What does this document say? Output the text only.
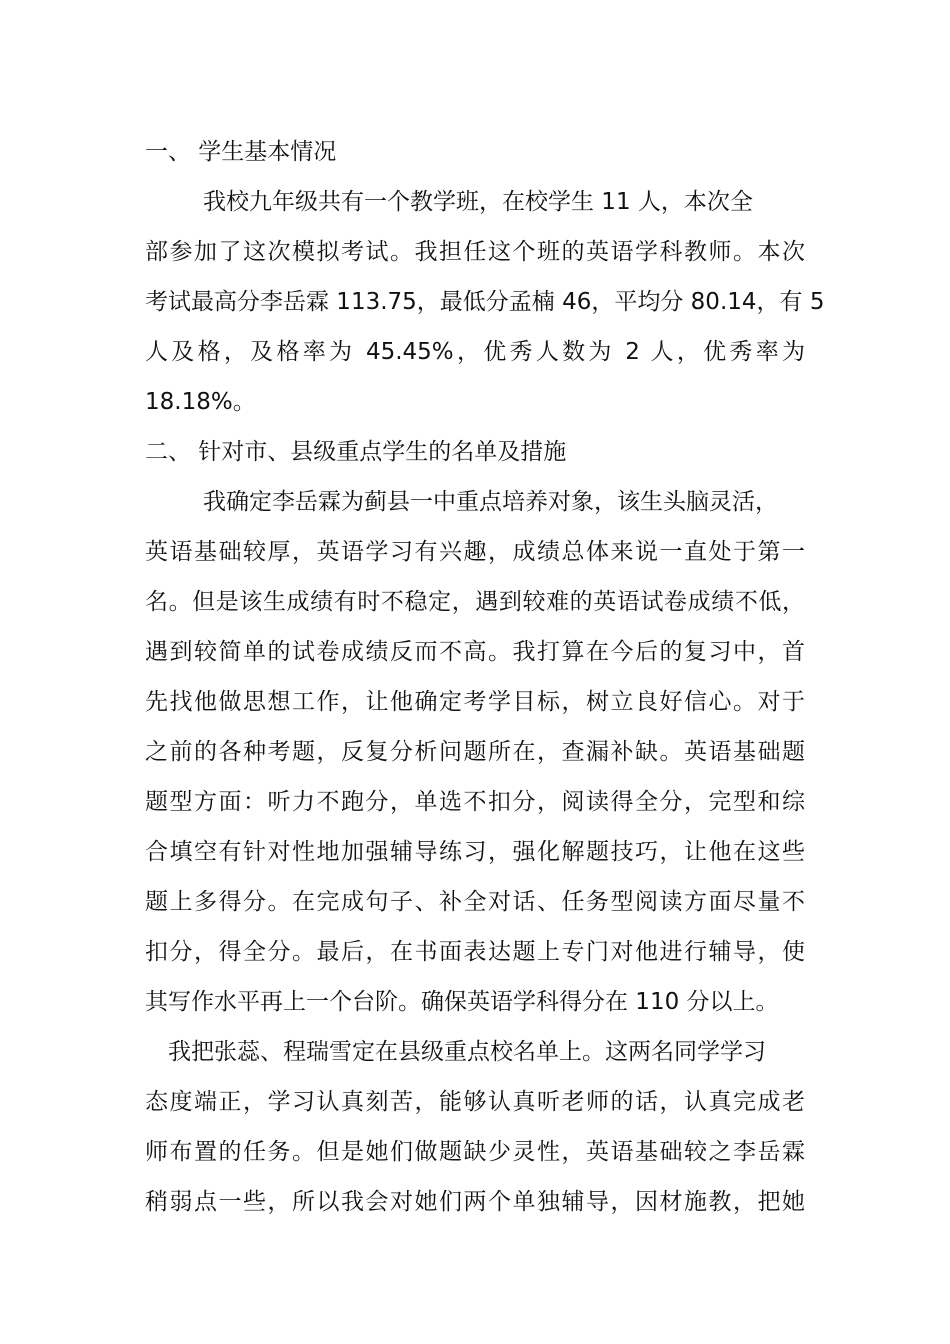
一、 学生基本情况

我校九年级共有一个教学班，在校学生 11 人，本次全

部参加了这次模拟考试。我担任这个班的英语学科教师。本次

考试最高分李岳霖 113.75，最低分孟楠 46，平均分 80.14，有 5

人及格，及格率为 45.45%，优秀人数为 2 人，优秀率为

18.18%。

二、 针对市、县级重点学生的名单及措施

我确定李岳霖为蓟县一中重点培养对象，该生头脑灵活，

英语基础较厚，英语学习有兴趣，成绩总体来说一直处于第一

名。但是该生成绩有时不稳定，遇到较难的英语试卷成绩不低，

遇到较简单的试卷成绩反而不高。我打算在今后的复习中，首

先找他做思想工作，让他确定考学目标，树立良好信心。对于

之前的各种考题，反复分析问题所在，查漏补缺。英语基础题

题型方面：听力不跑分，单选不扣分，阅读得全分，完型和综

合填空有针对性地加强辅导练习，强化解题技巧，让他在这些

题上多得分。在完成句子、补全对话、任务型阅读方面尽量不

扣分，得全分。最后，在书面表达题上专门对他进行辅导，使

其写作水平再上一个台阶。确保英语学科得分在 110 分以上。

我把张蕊、程瑞雪定在县级重点校名单上。这两名同学学习

态度端正，学习认真刻苦，能够认真听老师的话，认真完成老

师布置的任务。但是她们做题缺少灵性，英语基础较之李岳霖

稍弱点一些，所以我会对她们两个单独辅导，因材施教，把她
